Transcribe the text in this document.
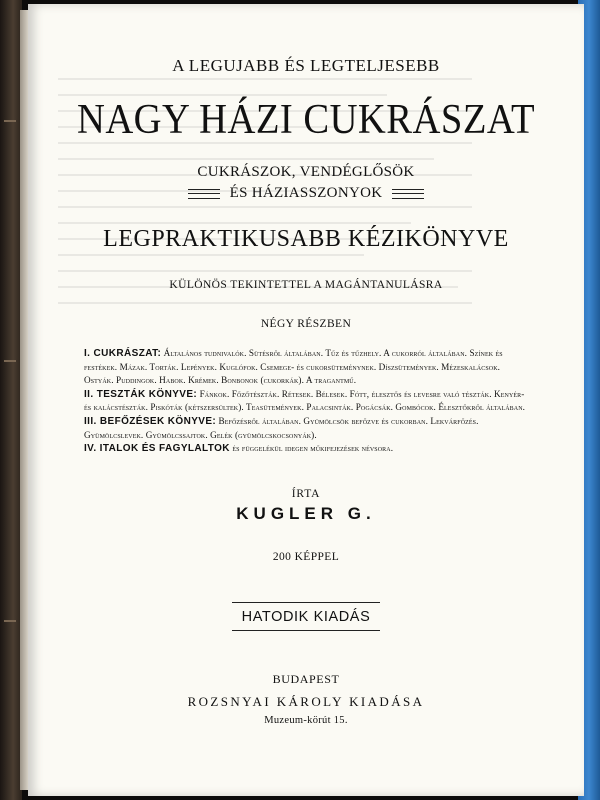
A LEGUJABB ÉS LEGTELJESEBB
NAGY HÁZI CUKRÁSZAT
CUKRÁSZOK, VENDÉGLŐSÖK
ÉS HÁZIASSZONYOK
LEGPRAKTIKUSABB KÉZIKÖNYVE
KÜLÖNÖS TEKINTETTEL A MAGÁNTANULÁSRA
NÉGY RÉSZBEN

I. CUKRÁSZAT: Általános tudnivalók. Sütésről általában. Tűz és tűzhely. A cukorról általában. Színek és festékek. Mázak. Torták. Lepények. Kuglófok. Csemege- és cukorsüteménynek. Díszsütemények. Mézeskalácsok. Ostyák. Puddingok. Habok. Krémek. Bonbonok (cukorkák). A tragantmű.

II. TESZTÁK KÖNYVE: Fánkok. Főzőtészták. Rétesek. Bélesek. Fótt, élesztős és levesre való tészták. Kenyér- és kalácstészták. Piskóták (kétszersültek). Teasütemények. Palacsinták. Pogácsák. Gombócok. Élesztőkről általában.

III. BEFŐZÉSEK KÖNYVE: Befőzésről általában. Gyümölcsök befőzve és cukorban. Lekvárfőzés. Gyümölcslevek. Gyümölcssajtok. Gelék (gyümölcskocsonyák).

IV. ITALOK ÉS FAGYLALTOK és függelékül idegen műkifejezések névsora.

ÍRTA
KUGLER G.
200 KÉPPEL
HATODIK KIADÁS
BUDAPEST
ROZSNYAI KÁROLY KIADÁSA
Muzeum-körút 15.
